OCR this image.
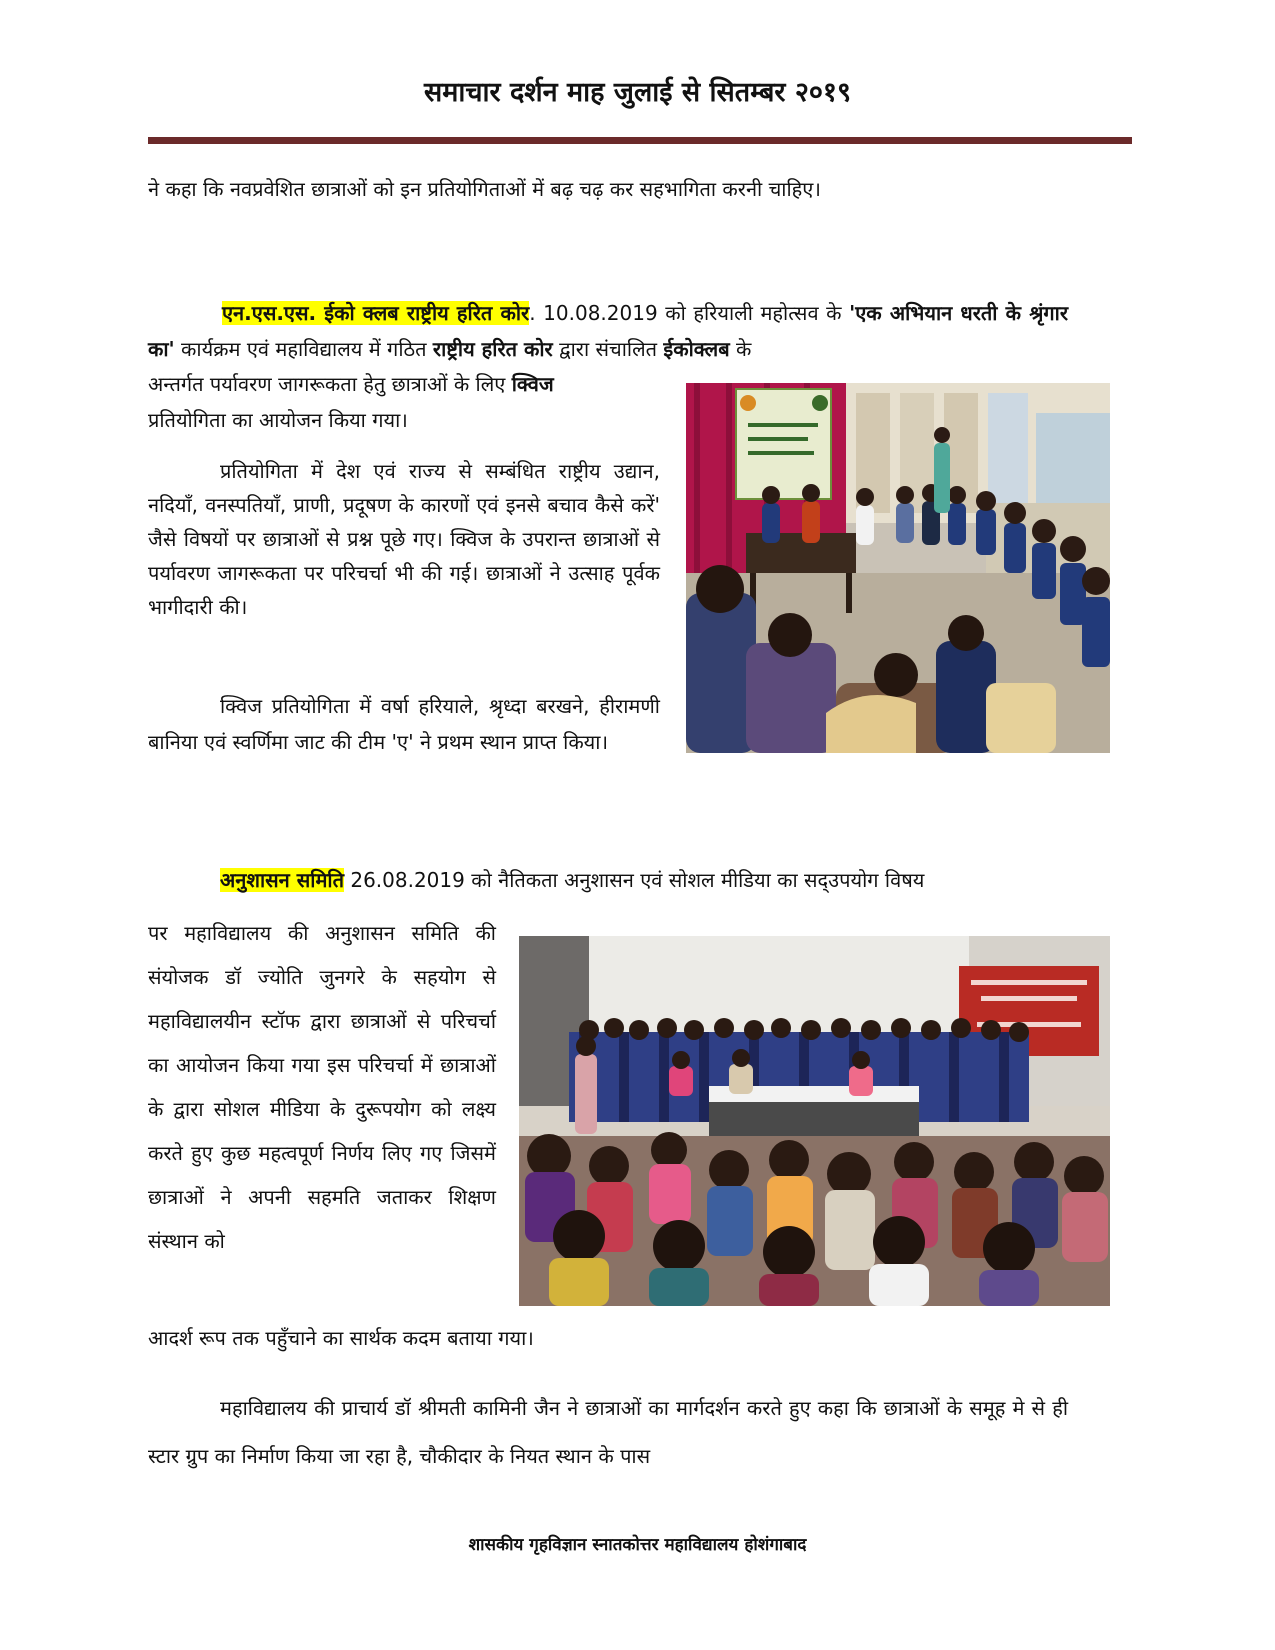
समाचार दर्शन माह जुलाई से सितम्बर २०१९
ने कहा कि नवप्रवेशित छात्राओं को इन प्रतियोगिताओं में बढ़ चढ़ कर सहभागिता करनी चाहिए।
एन.एस.एस. ईको क्लब राष्ट्रीय हरित कोर. 10.08.2019 को हरियाली महोत्सव के 'एक अभियान धरती के श्रृंगार का' कार्यक्रम एवं महाविद्यालय में गठित राष्ट्रीय हरित कोर द्वारा संचालित ईकोक्लब के
अन्तर्गत पर्यावरण जागरूकता हेतु छात्राओं के लिए क्विज
प्रतियोगिता का आयोजन किया गया।
प्रतियोगिता में देश एवं राज्य से सम्बंधित राष्ट्रीय उद्यान, नदियॉं, वनस्पतियॉं, प्राणी, प्रदूषण के कारणों एवं इनसे बचाव कैसे करें' जैसे विषयों पर छात्राओं से प्रश्न पूछे गए। क्विज के उपरान्त छात्राओं से पर्यावरण जागरूकता पर परिचर्चा भी की गई। छात्राओं ने उत्साह पूर्वक भागीदारी की।
क्विज प्रतियोगिता में वर्षा हरियाले, श्रृध्दा बरखने, हीरामणी बानिया एवं स्वर्णिमा जाट की टीम 'ए' ने प्रथम स्थान प्राप्त किया।
अनुशासन समिति 26.08.2019 को नैतिकता अनुशासन एवं सोशल मीडिया का सद्उपयोग विषय
पर महाविद्यालय की अनुशासन समिति की संयोजक डॉ ज्योति जुनगरे के सहयोग से महाविद्यालयीन स्टॉफ द्वारा छात्राओं से परिचर्चा का आयोजन किया गया इस परिचर्चा में छात्राओं के द्वारा सोशल मीडिया के दुरूपयोग को लक्ष्य करते हुए कुछ महत्वपूर्ण निर्णय लिए गए जिसमें छात्राओं ने अपनी सहमति जताकर शिक्षण संस्थान को
आदर्श रूप तक पहुँचाने का सार्थक कदम बताया गया।
महाविद्यालय की प्राचार्य डॉ श्रीमती कामिनी जैन ने छात्राओं का मार्गदर्शन करते हुए कहा कि छात्राओं के समूह मे से ही स्टार ग्रुप का निर्माण किया जा रहा है, चौकीदार के नियत स्थान के पास
शासकीय गृहविज्ञान स्नातकोत्तर महाविद्यालय होशंगाबाद
